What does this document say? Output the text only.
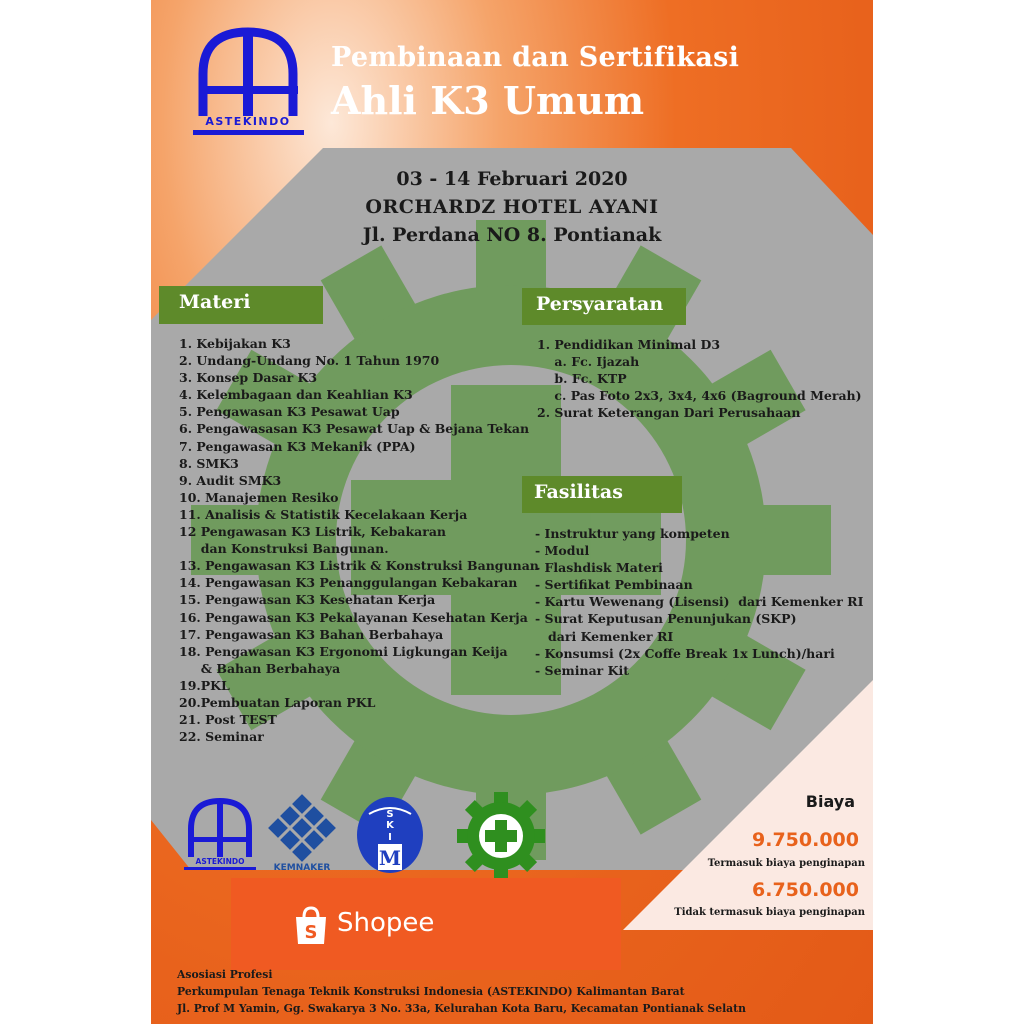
ASTEKINDO
Pembinaan dan Sertifikasi
Ahli K3 Umum
03 - 14 Februari 2020
ORCHARDZ HOTEL AYANI
Jl. Perdana NO 8. Pontianak
Materi
1. Kebijakan K3
2. Undang-Undang No. 1 Tahun 1970
3. Konsep Dasar K3
4. Kelembagaan dan Keahlian K3
5. Pengawasan K3 Pesawat Uap
6. Pengawasasan K3 Pesawat Uap & Bejana Tekan
7. Pengawasan K3 Mekanik (PPA)
8. SMK3
9. Audit SMK3
10. Manajemen Resiko
11. Analisis & Statistik Kecelakaan Kerja
12 Pengawasan K3 Listrik, Kebakaran
dan Konstruksi Bangunan.
13. Pengawasan K3 Listrik & Konstruksi Bangunan
14. Pengawasan K3 Penanggulangan Kebakaran
15. Pengawasan K3 Kesehatan Kerja
16. Pengawasan K3 Pekalayanan Kesehatan Kerja
17. Pengawasan K3 Bahan Berbahaya
18. Pengawasan K3 Ergonomi Ligkungan Keija
& Bahan Berbahaya
19.PKL
20.Pembuatan Laporan PKL
21. Post TEST
22. Seminar
Persyaratan
1. Pendidikan Minimal D3
a. Fc. Ijazah
b. Fc. KTP
c. Pas Foto 2x3, 3x4, 4x6 (Baground Merah)
2. Surat Keterangan Dari Perusahaan
Fasilitas
- Instruktur yang kompeten
- Modul
- Flashdisk Materi
- Sertifikat Pembinaan
- Kartu Wewenang (Lisensi)  dari Kemenker RI
- Surat Keputusan Penunjukan (SKP)
dari Kemenker RI
- Konsumsi (2x Coffe Break 1x Lunch)/hari
- Seminar Kit
Biaya
9.750.000
Termasuk biaya penginapan
6.750.000
Tidak termasuk biaya penginapan
ASTEKINDO
KEMNAKER
S
K
I
M
S Shopee
Asosiasi Profesi
Perkumpulan Tenaga Teknik Konstruksi Indonesia (ASTEKINDO) Kalimantan Barat
Jl. Prof M Yamin, Gg. Swakarya 3 No. 33a, Kelurahan Kota Baru, Kecamatan Pontianak Selatn
